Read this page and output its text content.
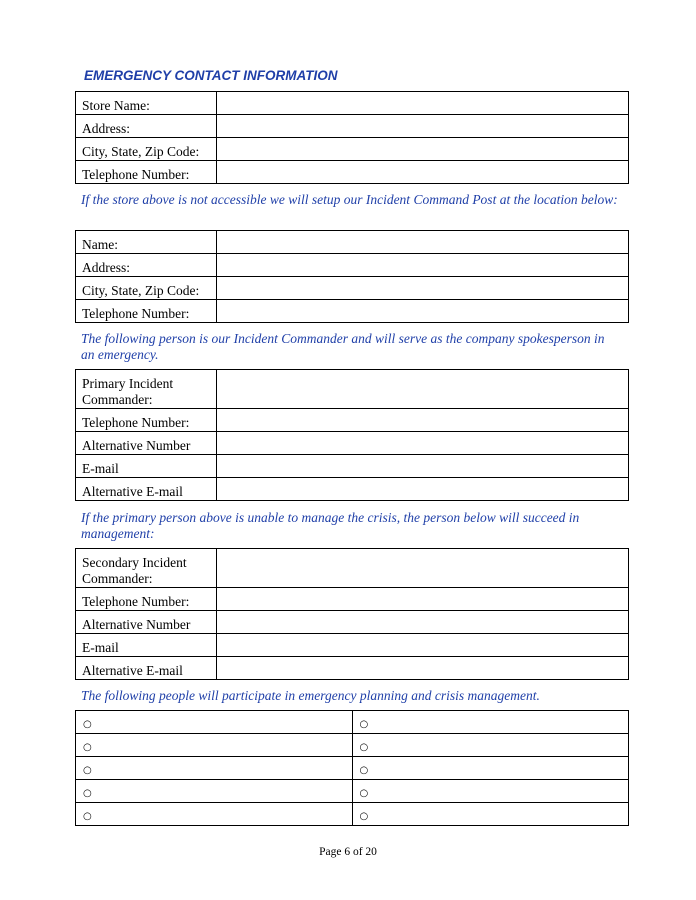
EMERGENCY CONTACT INFORMATION
Store Name:	
Address:	
City, State, Zip Code:	
Telephone Number:	

If the store above is not accessible we will setup our Incident Command Post at the location below:

Name:	
Address:	
City, State, Zip Code:	
Telephone Number:	

The following person is our Incident Commander and will serve as the company spokesperson in an emergency.

Primary Incident Commander:	
Telephone Number:	
Alternative Number	
E-mail	
Alternative E-mail	

If the primary person above is unable to manage the crisis, the person below will succeed in management:

Secondary Incident Commander:	
Telephone Number:	
Alternative Number	
E-mail	
Alternative E-mail	

The following people will participate in emergency planning and crisis management.

○	○
○	○
○	○
○	○
○	○

Page 6 of 20
